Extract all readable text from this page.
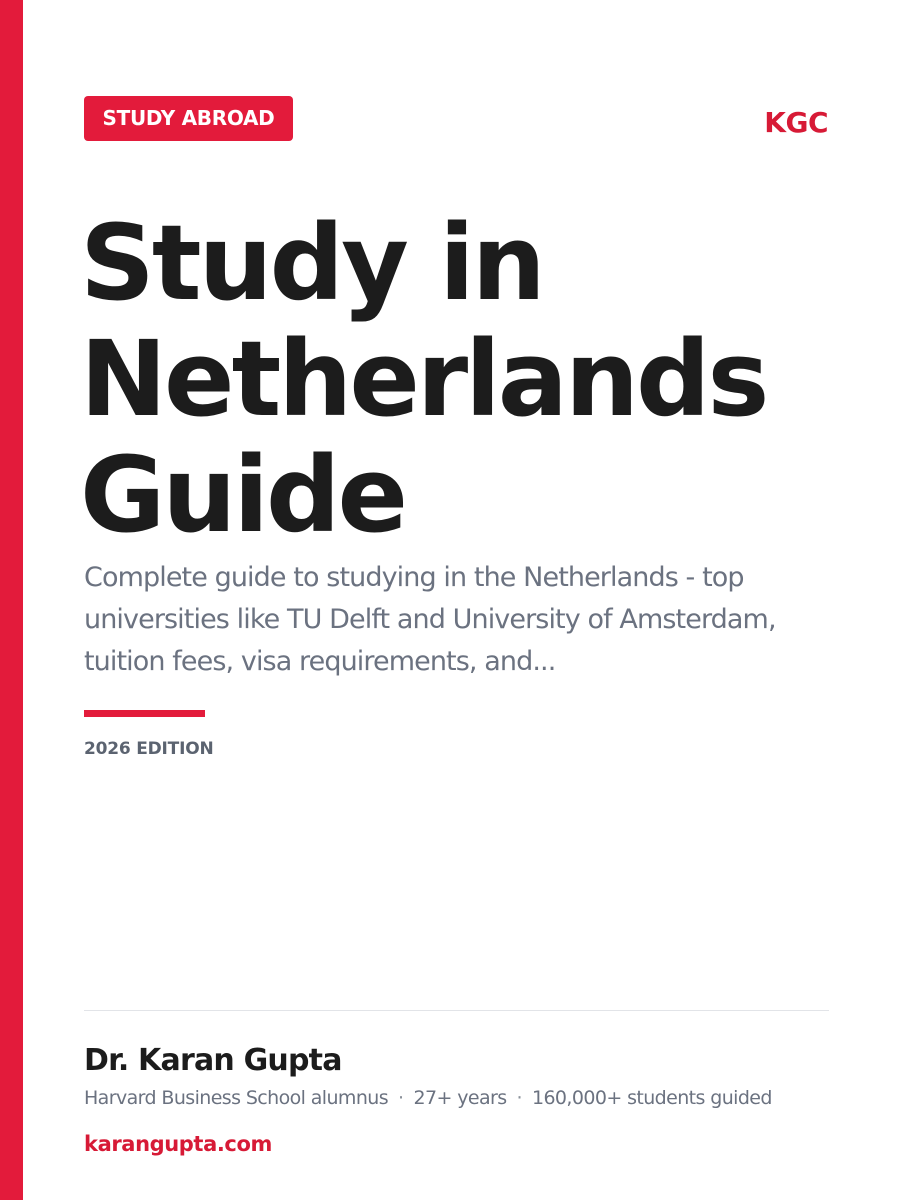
STUDY ABROAD	KGC
Study in
Netherlands
Guide

Complete guide to studying in the Netherlands - top universities like TU Delft and University of Amsterdam, tuition fees, visa requirements, and...

2026 EDITION
Dr. Karan Gupta
Harvard Business School alumnus · 27+ years · 160,000+ students guided
karangupta.com
